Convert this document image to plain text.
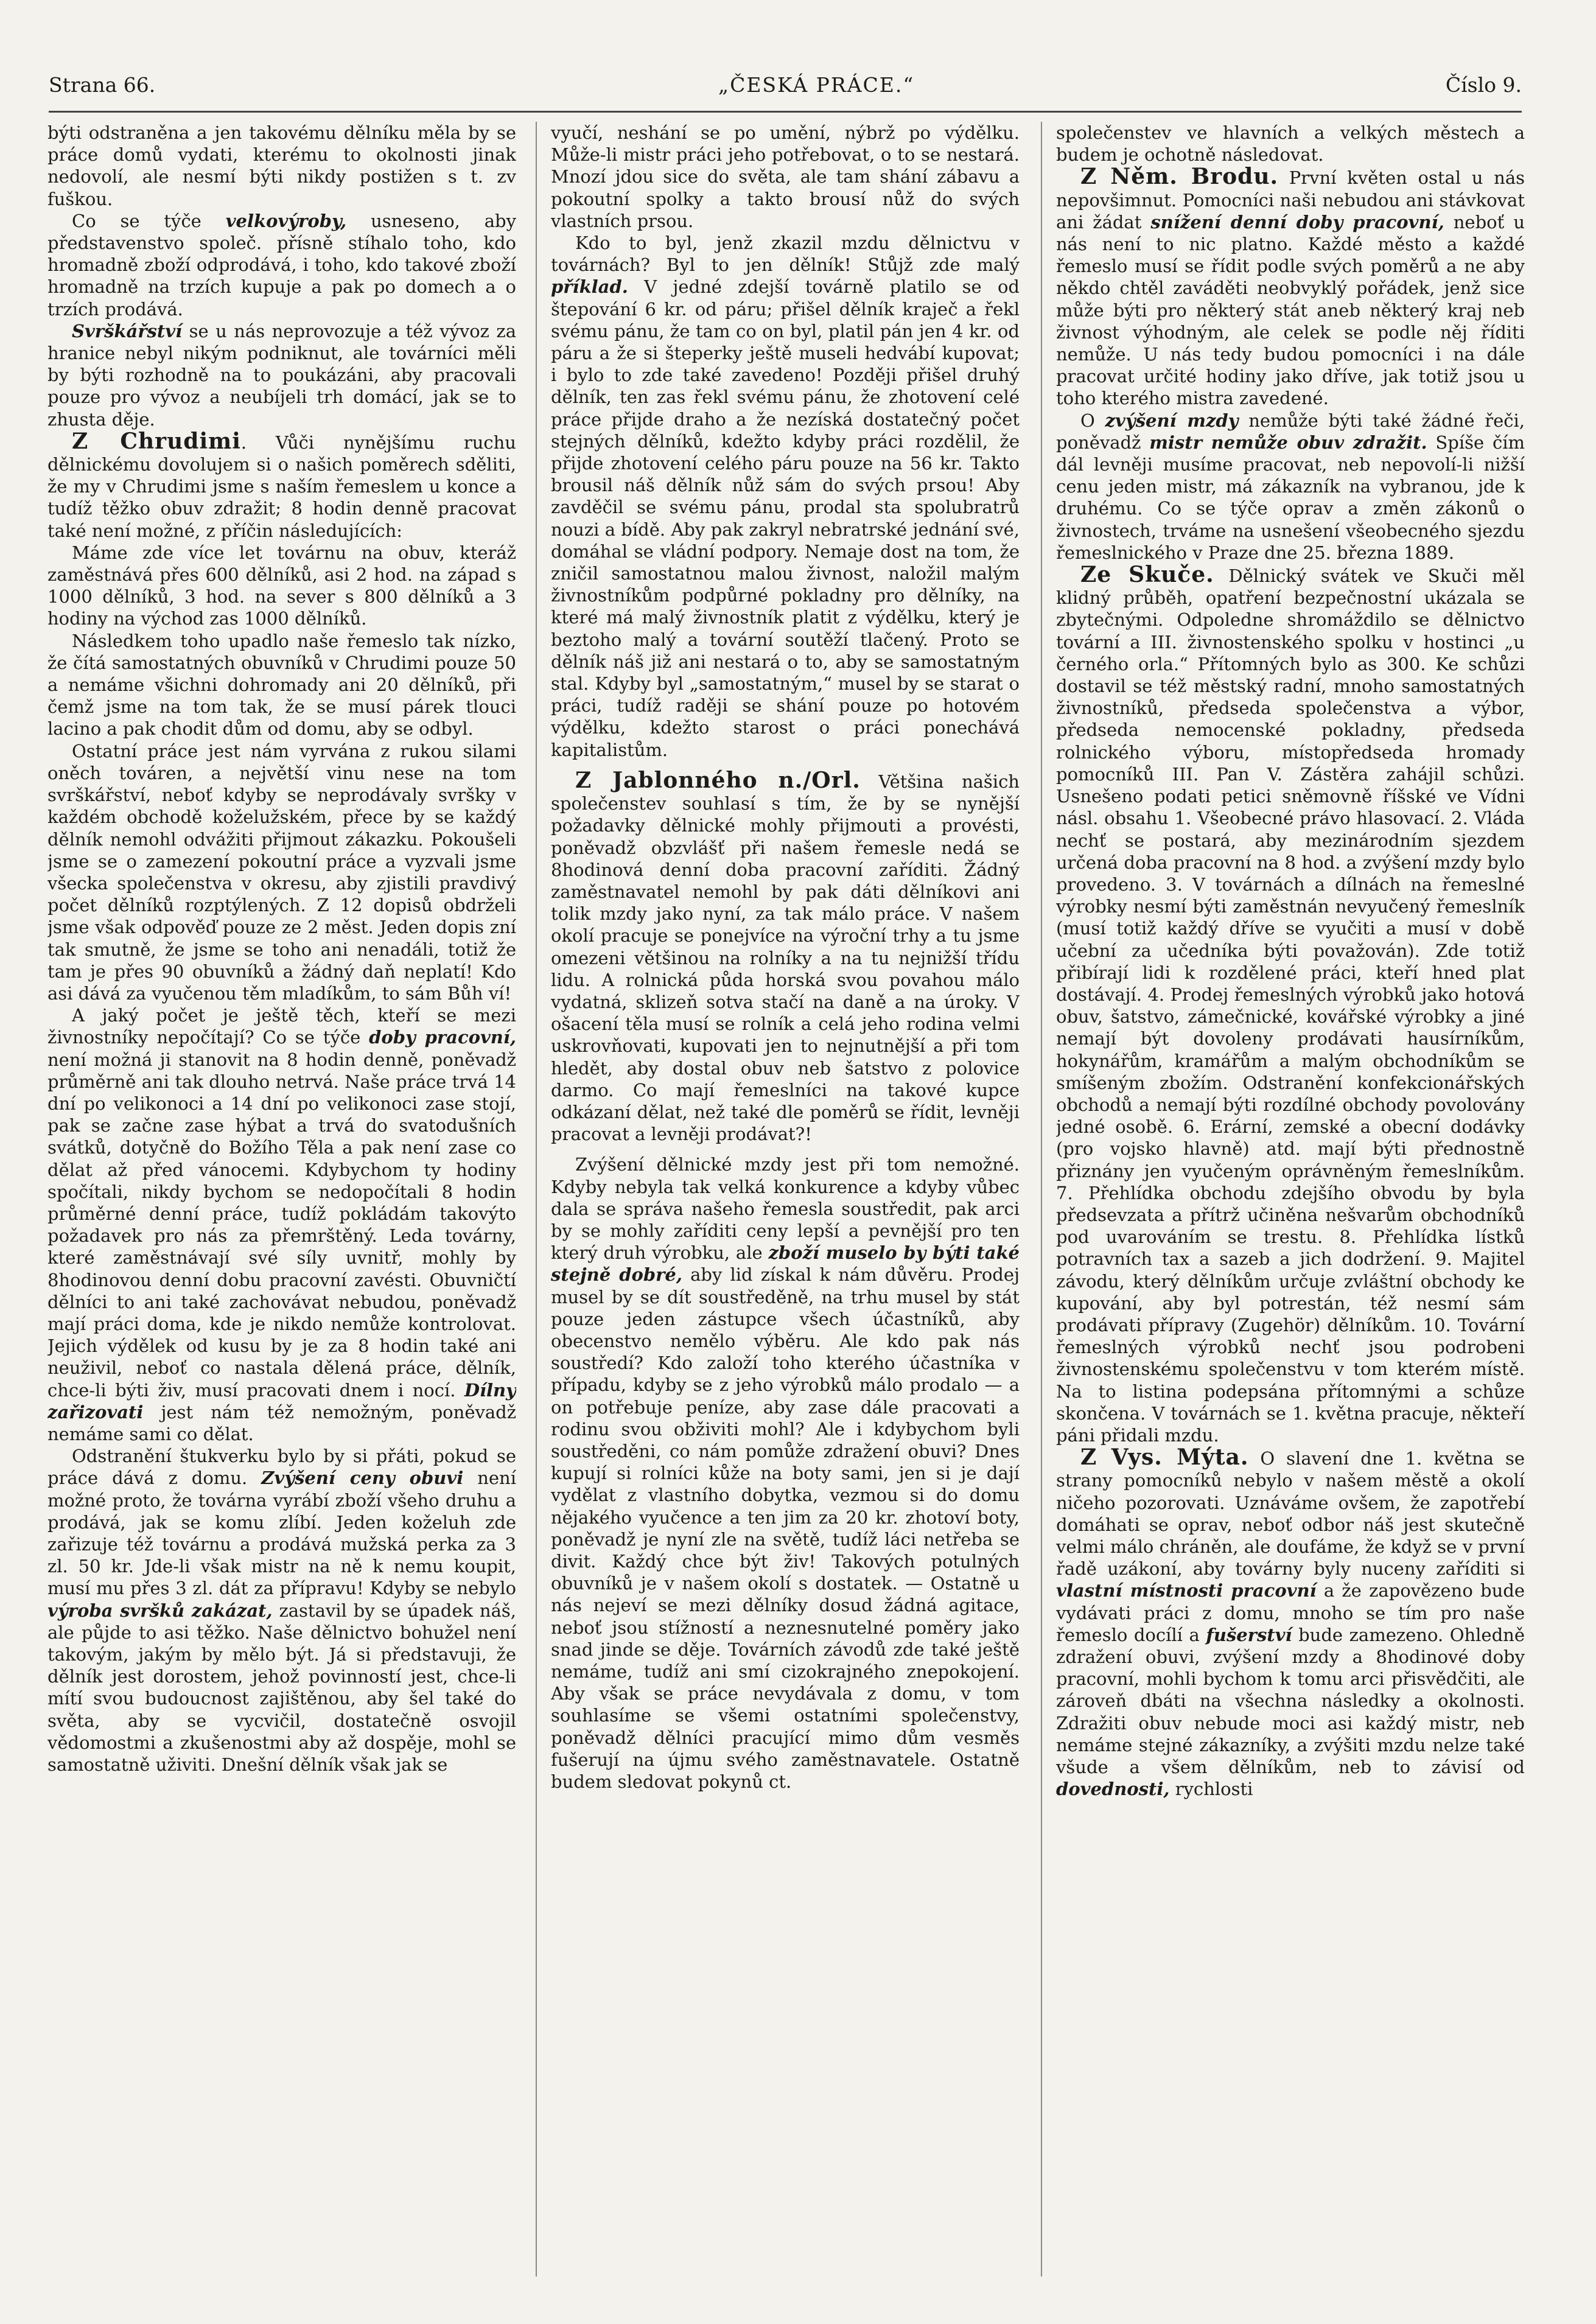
Strana 66.	„ČESKÁ PRÁCE.“	Číslo 9.

býti odstraněna a jen takovému dělníku měla by se práce domů vydati, kterému to okolnosti jinak nedovolí, ale nesmí býti nikdy postižen s t. zv fuškou.

Co se týče velkovýroby, usneseno, aby představenstvo společ. přísně stíhalo toho, kdo hromadně zboží odprodává, i toho, kdo takové zboží hromadně na trzích kupuje a pak po domech a o trzích prodává.

Svrškářství se u nás neprovozuje a též vývoz za hranice nebyl nikým podniknut, ale továrníci měli by býti rozhodně na to poukázáni, aby pracovali pouze pro vývoz a neubíjeli trh domácí, jak se to zhusta děje.

Z Chrudimi. Vůči nynějšímu ruchu dělnickému dovolujem si o našich poměrech sděliti, že my v Chrudimi jsme s naším řemeslem u konce a tudíž těžko obuv zdražit; 8 hodin denně pracovat také není možné, z příčin následujících:

Máme zde více let továrnu na obuv, kteráž zaměstnává přes 600 dělníků, asi 2 hod. na západ s 1000 dělníků, 3 hod. na sever s 800 dělníků a 3 hodiny na východ zas 1000 dělníků.

Následkem toho upadlo naše řemeslo tak nízko, že čítá samostatných obuvníků v Chrudimi pouze 50 a nemáme všichni dohromady ani 20 dělníků, při čemž jsme na tom tak, že se musí párek tlouci lacino a pak chodit dům od domu, aby se odbyl.

Ostatní práce jest nám vyrvána z rukou silami oněch továren, a největší vinu nese na tom svrškářství, neboť kdyby se neprodávaly svršky v každém obchodě koželužském, přece by se každý dělník nemohl odvážiti přijmout zákazku. Pokoušeli jsme se o zamezení pokoutní práce a vyzvali jsme všecka společenstva v okresu, aby zjistili pravdivý počet dělníků rozptýlených. Z 12 dopisů obdrželi jsme však odpověď pouze ze 2 měst. Jeden dopis zní tak smutně, že jsme se toho ani nenadáli, totiž že tam je přes 90 obuvníků a žádný daň neplatí! Kdo asi dává za vyučenou těm mladíkům, to sám Bůh ví!

A jaký počet je ještě těch, kteří se mezi živnostníky nepočítají? Co se týče doby pracovní, není možná ji stanovit na 8 hodin denně, poněvadž průměrně ani tak dlouho netrvá. Naše práce trvá 14 dní po velikonoci a 14 dní po velikonoci zase stojí, pak se začne zase hýbat a trvá do svatodušních svátků, dotyčně do Božího Těla a pak není zase co dělat až před vánocemi. Kdybychom ty hodiny spočítali, nikdy bychom se nedopočítali 8 hodin průměrné denní práce, tudíž pokládám takovýto požadavek pro nás za přemrštěný. Leda továrny, které zaměstnávají své síly uvnitř, mohly by 8hodinovou denní dobu pracovní zavésti. Obuvničtí dělníci to ani také zachovávat nebudou, poněvadž mají práci doma, kde je nikdo nemůže kontrolovat. Jejich výdělek od kusu by je za 8 hodin také ani neuživil, neboť co nastala dělená práce, dělník, chce-li býti živ, musí pracovati dnem i nocí. Dílny zařizovati jest nám též nemožným, poněvadž nemáme sami co dělat.

Odstranění štukverku bylo by si přáti, pokud se práce dává z domu. Zvýšení ceny obuvi není možné proto, že továrna vyrábí zboží všeho druhu a prodává, jak se komu zlíbí. Jeden koželuh zde zařizuje též továrnu a prodává mužská perka za 3 zl. 50 kr. Jde-li však mistr na ně k nemu koupit, musí mu přes 3 zl. dát za přípravu! Kdyby se nebylo výroba svršků zakázat, zastavil by se úpadek náš, ale půjde to asi těžko. Naše dělnictvo bohužel není takovým, jakým by mělo být. Já si představuji, že dělník jest dorostem, jehož povinností jest, chce-li mítí svou budoucnost zajištěnou, aby šel také do světa, aby se vycvičil, dostatečně osvojil vědomostmi a zkušenostmi aby až dospěje, mohl se samostatně uživiti. Dnešní dělník však jak se

vyučí, neshání se po umění, nýbrž po výdělku. Může-li mistr práci jeho potřebovat, o to se nestará. Mnozí jdou sice do světa, ale tam shání zábavu a pokoutní spolky a takto brousí nůž do svých vlastních prsou.

Kdo to byl, jenž zkazil mzdu dělnictvu v továrnách? Byl to jen dělník! Stůjž zde malý příklad. V jedné zdejší továrně platilo se od štepování 6 kr. od páru; přišel dělník kraječ a řekl svému pánu, že tam co on byl, platil pán jen 4 kr. od páru a že si šteperky ještě museli hedvábí kupovat; i bylo to zde také zavedeno! Později přišel druhý dělník, ten zas řekl svému pánu, že zhotovení celé práce přijde draho a že nezíská dostatečný počet stejných dělníků, kdežto kdyby práci rozdělil, že přijde zhotovení celého páru pouze na 56 kr. Takto brousil náš dělník nůž sám do svých prsou! Aby zavděčil se svému pánu, prodal sta spolubratrů nouzi a bídě. Aby pak zakryl nebratrské jednání své, domáhal se vládní podpory. Nemaje dost na tom, že zničil samostatnou malou živnost, naložil malým živnostníkům podpůrné pokladny pro dělníky, na které má malý živnostník platit z výdělku, který je beztoho malý a tovární soutěží tlačený. Proto se dělník náš již ani nestará o to, aby se samostatným stal. Kdyby byl „samostatným,“ musel by se starat o práci, tudíž raději se shání pouze po hotovém výdělku, kdežto starost o práci ponechává kapitalistům.

Z Jablonného n./Orl. Většina našich společenstev souhlasí s tím, že by se nynější požadavky dělnické mohly přijmouti a provésti, poněvadž obzvlášť při našem řemesle nedá se 8hodinová denní doba pracovní zaříditi. Žádný zaměstnavatel nemohl by pak dáti dělníkovi ani tolik mzdy jako nyní, za tak málo práce. V našem okolí pracuje se ponejvíce na výroční trhy a tu jsme omezeni většinou na rolníky a na tu nejnižší třídu lidu. A rolnická půda horská svou povahou málo vydatná, sklizeň sotva stačí na daně a na úroky. V ošacení těla musí se rolník a celá jeho rodina velmi uskrovňovati, kupovati jen to nejnutnější a při tom hledět, aby dostal obuv neb šatstvo z polovice darmo. Co mají řemeslníci na takové kupce odkázaní dělat, než také dle poměrů se řídit, levněji pracovat a levněji prodávat?!

Zvýšení dělnické mzdy jest při tom nemožné. Kdyby nebyla tak velká konkurence a kdyby vůbec dala se správa našeho řemesla soustředit, pak arci by se mohly zaříditi ceny lepší a pevnější pro ten který druh výrobku, ale zboží muselo by býti také stejně dobré, aby lid získal k nám důvěru. Prodej musel by se dít soustředěně, na trhu musel by stát pouze jeden zástupce všech účastníků, aby obecenstvo nemělo výběru. Ale kdo pak nás soustředí? Kdo založí toho kterého účastníka v případu, kdyby se z jeho výrobků málo prodalo — a on potřebuje peníze, aby zase dále pracovati a rodinu svou obživiti mohl? Ale i kdybychom byli soustředěni, co nám pomůže zdražení obuvi? Dnes kupují si rolníci kůže na boty sami, jen si je dají vydělat z vlastního dobytka, vezmou si do domu nějakého vyučence a ten jim za 20 kr. zhotoví boty, poněvadž je nyní zle na světě, tudíž láci netřeba se divit. Každý chce být živ! Takových potulných obuvníků je v našem okolí s dostatek. — Ostatně u nás nejeví se mezi dělníky dosud žádná agitace, neboť jsou stížností a neznesnutelné poměry jako snad jinde se děje. Továrních závodů zde také ještě nemáme, tudíž ani smí cizokrajného znepokojení. Aby však se práce nevydávala z domu, v tom souhlasíme se všemi ostatními společenstvy, poněvadž dělníci pracující mimo dům vesměs fušerují na újmu svého zaměstnavatele. Ostatně budem sledovat pokynů ct.

společenstev ve hlavních a velkých městech a budem je ochotně následovat.

Z Něm. Brodu. První květen ostal u nás nepovšimnut. Pomocníci naši nebudou ani stávkovat ani žádat snížení denní doby pracovní, neboť u nás není to nic platno. Každé město a každé řemeslo musí se řídit podle svých poměrů a ne aby někdo chtěl zaváděti neobvyklý pořádek, jenž sice může býti pro některý stát aneb některý kraj neb živnost výhodným, ale celek se podle něj říditi nemůže. U nás tedy budou pomocníci i na dále pracovat určité hodiny jako dříve, jak totiž jsou u toho kterého mistra zavedené.

O zvýšení mzdy nemůže býti také žádné řeči, poněvadž mistr nemůže obuv zdražit. Spíše čím dál levněji musíme pracovat, neb nepovolí-li nižší cenu jeden mistr, má zákazník na vybranou, jde k druhému. Co se týče oprav a změn zákonů o živnostech, trváme na usnešení všeobecného sjezdu řemeslnického v Praze dne 25. března 1889.

Ze Skuče. Dělnický svátek ve Skuči měl klidný průběh, opatření bezpečnostní ukázala se zbytečnými. Odpoledne shromáždilo se dělnictvo tovární a III. živnostenského spolku v hostinci „u černého orla.“ Přítomných bylo as 300. Ke schůzi dostavil se též městský radní, mnoho samostatných živnostníků, předseda společenstva a výbor, předseda nemocenské pokladny, předseda rolnického výboru, místopředseda hromady pomocníků III. Pan V. Zástěra zahájil schůzi. Usnešeno podati petici sněmovně říšské ve Vídni násl. obsahu 1. Všeobecné právo hlasovací. 2. Vláda nechť se postará, aby mezinárodním sjezdem určená doba pracovní na 8 hod. a zvýšení mzdy bylo provedeno. 3. V továrnách a dílnách na řemeslné výrobky nesmí býti zaměstnán nevyučený řemeslník (musí totiž každý dříve se vyučiti a musí v době učební za učedníka býti považován). Zde totiž přibírají lidi k rozdělené práci, kteří hned plat dostávají. 4. Prodej řemeslných výrobků jako hotová obuv, šatstvo, zámečnické, kovářské výrobky a jiné nemají být dovoleny prodávati hausírníkům, hokynářům, kramářům a malým obchodníkům se smíšeným zbožím. Odstranění konfekcionářských obchodů a nemají býti rozdílné obchody povolovány jedné osobě. 6. Erární, zemské a obecní dodávky (pro vojsko hlavně) atd. mají býti přednostně přiznány jen vyučeným oprávněným řemeslníkům. 7. Přehlídka obchodu zdejšího obvodu by byla předsevzata a přítrž učiněna nešvarům obchodníků pod uvarováním se trestu. 8. Přehlídka lístků potravních tax a sazeb a jich dodržení. 9. Majitel závodu, který dělníkům určuje zvláštní obchody ke kupování, aby byl potrestán, též nesmí sám prodávati přípravy (Zugehör) dělníkům. 10. Tovární řemeslných výrobků nechť jsou podrobeni živnostenskému společenstvu v tom kterém místě. Na to listina podepsána přítomnými a schůze skončena. V továrnách se 1. května pracuje, někteří páni přidali mzdu.

Z Vys. Mýta. O slavení dne 1. května se strany pomocníků nebylo v našem městě a okolí ničeho pozorovati. Uznáváme ovšem, že zapotřebí domáhati se oprav, neboť odbor náš jest skutečně velmi málo chráněn, ale doufáme, že když se v první řadě uzákoní, aby továrny byly nuceny zaříditi si vlastní místnosti pracovní a že zapovězeno bude vydávati práci z domu, mnoho se tím pro naše řemeslo docílí a fušerství bude zamezeno. Ohledně zdražení obuvi, zvýšení mzdy a 8hodinové doby pracovní, mohli bychom k tomu arci přisvědčiti, ale zároveň dbáti na všechna následky a okolnosti. Zdražiti obuv nebude moci asi každý mistr, neb nemáme stejné zákazníky, a zvýšiti mzdu nelze také všude a všem dělníkům, neb to závisí od dovednosti, rychlosti
